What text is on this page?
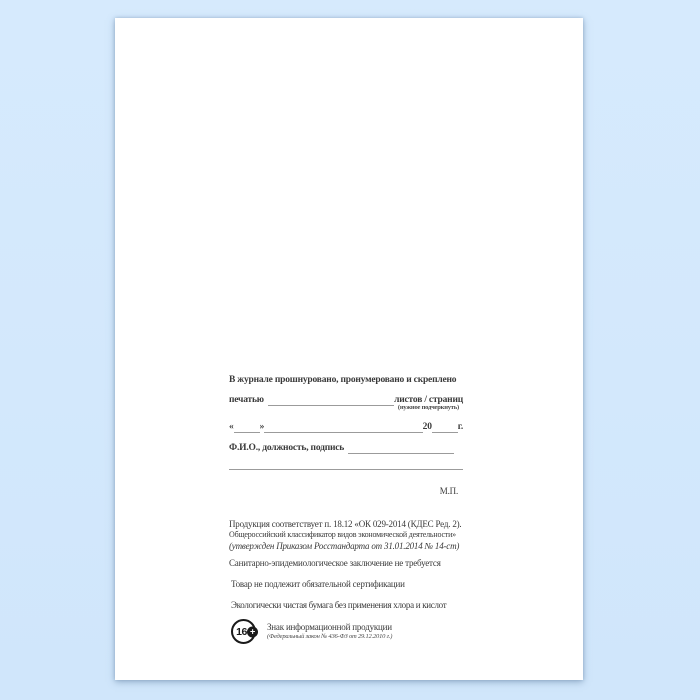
В журнале прошнуровано, пронумеровано и скреплено
печатью	листов / страниц
(нужное подчеркнуть)
«	»	20	г.
Ф.И.О., должность, подпись
М.П.
Продукция соответствует п. 18.12 «ОК 029-2014 (КДЕС Ред. 2).
Общероссийский классификатор видов экономической деятельности»
(утвержден Приказом Росстандарта от 31.01.2014 № 14-ст)
Санитарно-эпидемиологическое заключение не требуется
Товар не подлежит обязательной сертификации
Экологически чистая бумага без применения хлора и кислот
16 +	Знак информационной продукции
(Федеральный закон № 436-ФЗ от 29.12.2010 г.)
